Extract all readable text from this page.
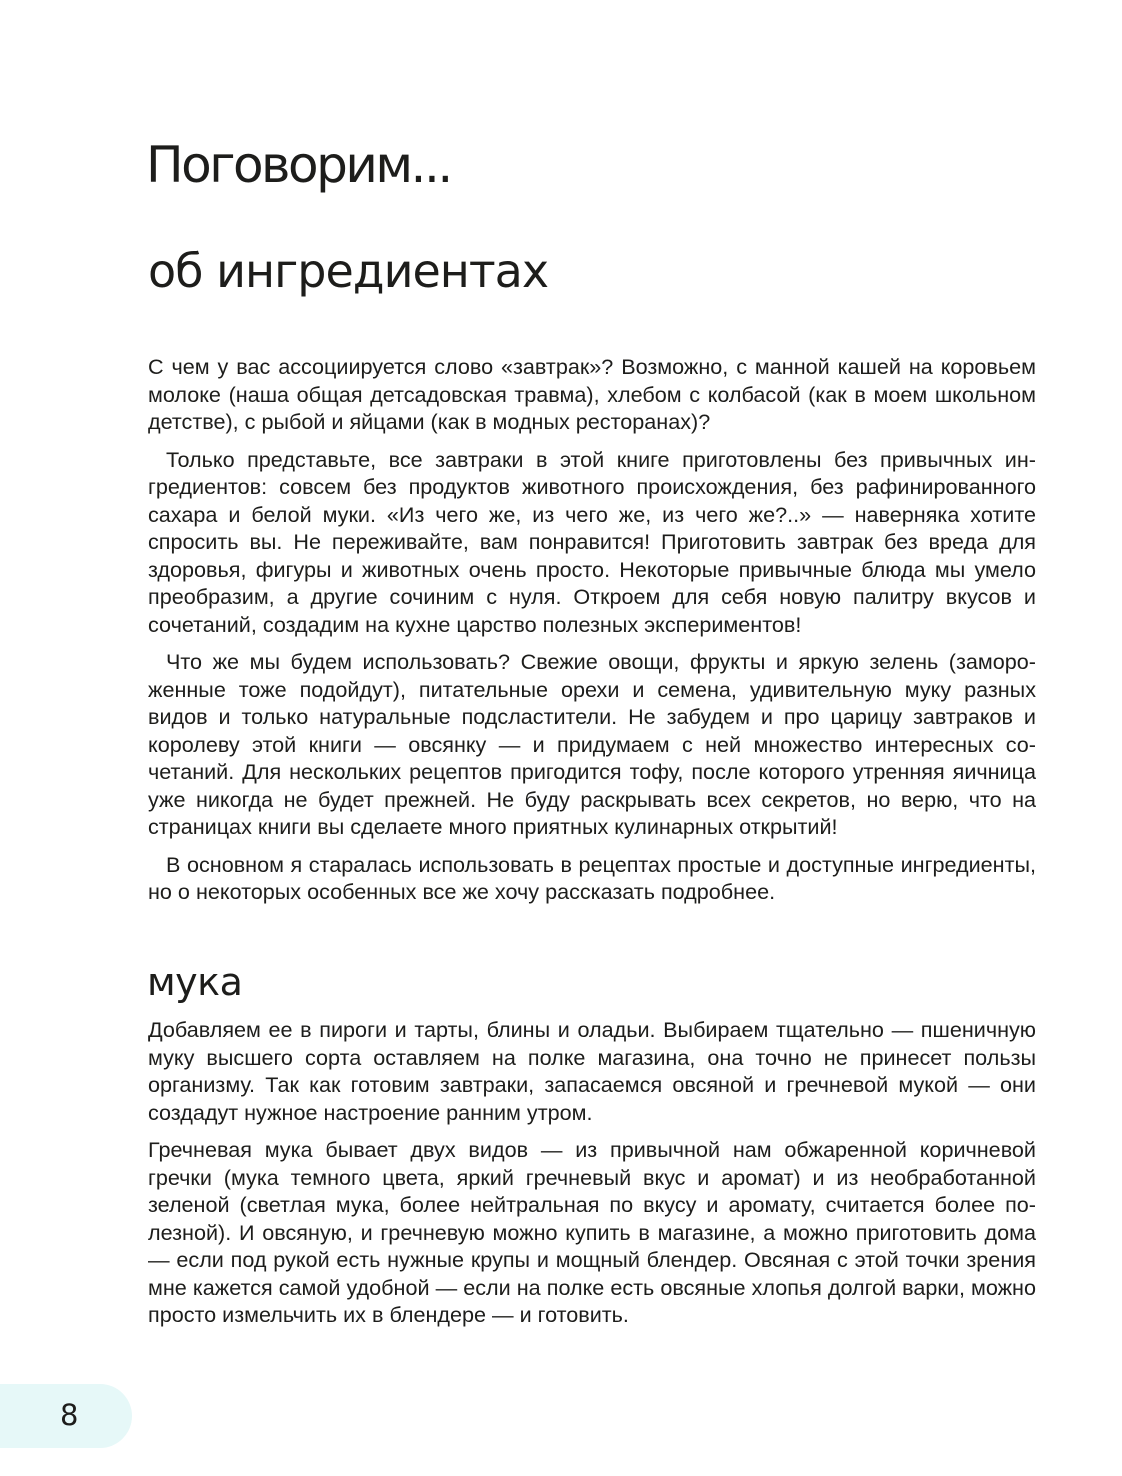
Поговорим...
об ингредиентах

С чем у вас ассоциируется слово «завтрак»? Возможно, с манной кашей на коровьем молоке (наша общая детсадовская травма), хлебом с колбасой (как в моем школьном детстве), с рыбой и яйцами (как в модных ресторанах)?

Только представьте, все завтраки в этой книге приготовлены без привычных ингредиентов: совсем без продуктов животного происхождения, без рафинированного сахара и белой муки. «Из чего же, из чего же, из чего же?..» — наверняка хотите спросить вы. Не переживайте, вам понравится! Приготовить завтрак без вреда для здоровья, фигуры и животных очень просто. Некоторые привычные блюда мы умело преобразим, а другие сочиним с нуля. Откроем для себя новую палитру вкусов и сочетаний, создадим на кухне царство полезных экспериментов!

Что же мы будем использовать? Свежие овощи, фрукты и яркую зелень (замороженные тоже подойдут), питательные орехи и семена, удивительную муку разных видов и только натуральные подсластители. Не забудем и про царицу завтраков и королеву этой книги — овсянку — и придумаем с ней множество интересных сочетаний. Для нескольких рецептов пригодится тофу, после которого утренняя яичница уже никогда не будет прежней. Не буду раскрывать всех секретов, но верю, что на страницах книги вы сделаете много приятных кулинарных открытий!

В основном я старалась использовать в рецептах простые и доступные ингредиенты, но о некоторых особенных все же хочу рассказать подробнее.

мука

Добавляем ее в пироги и тарты, блины и оладьи. Выбираем тщательно — пшеничную муку высшего сорта оставляем на полке магазина, она точно не принесет пользы организму. Так как готовим завтраки, запасаемся овсяной и гречневой мукой — они создадут нужное настроение ранним утром.

Гречневая мука бывает двух видов — из привычной нам обжаренной коричневой гречки (мука темного цвета, яркий гречневый вкус и аромат) и из необработанной зеленой (светлая мука, более нейтральная по вкусу и аромату, считается более полезной). И овсяную, и гречневую можно купить в магазине, а можно приготовить дома — если под рукой есть нужные крупы и мощный блендер. Овсяная с этой точки зрения мне кажется самой удобной — если на полке есть овсяные хлопья долгой варки, можно просто измельчить их в блендере — и готовить.

8
